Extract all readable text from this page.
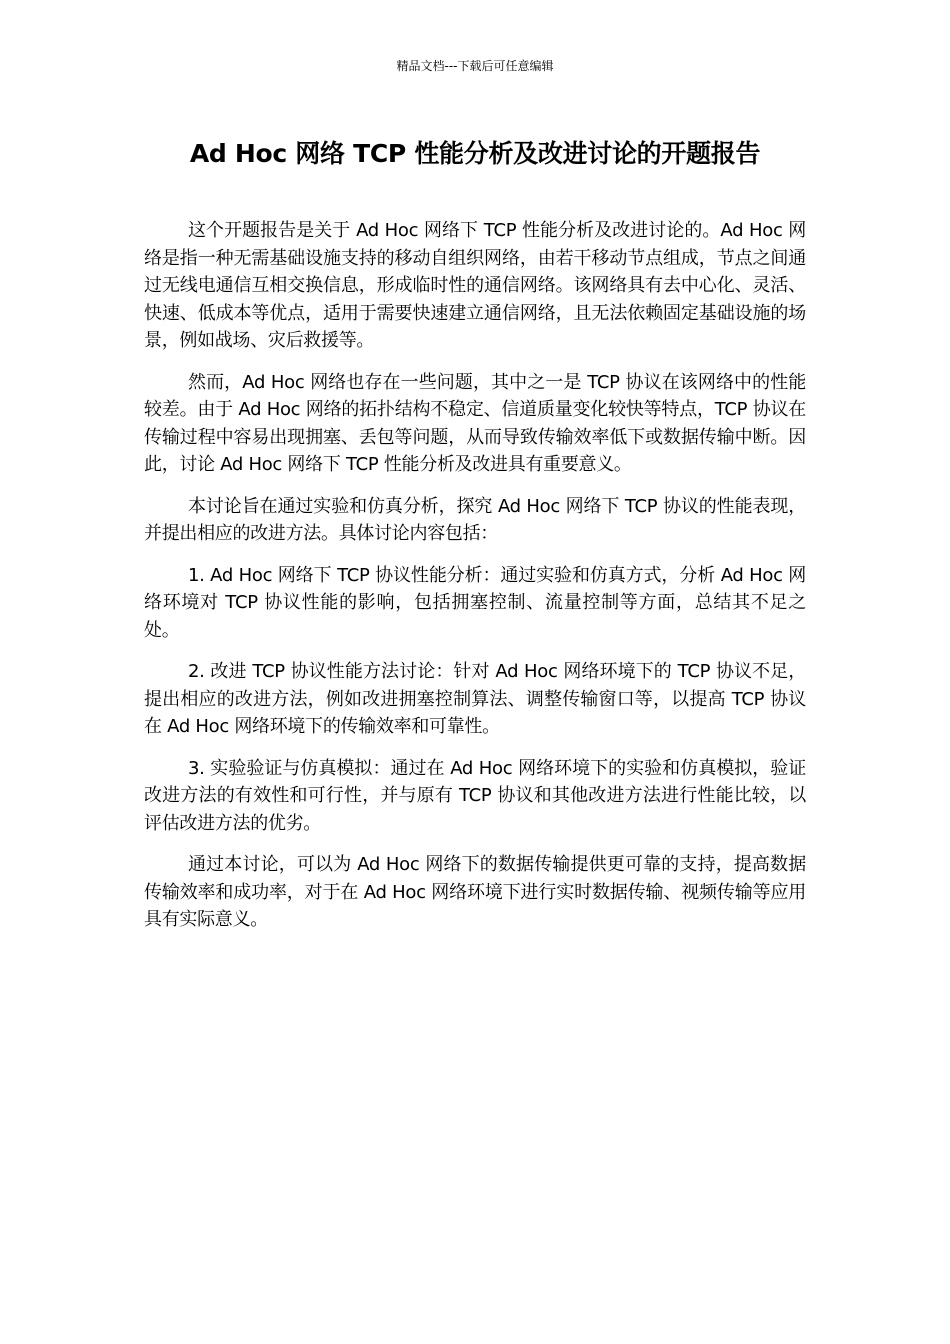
精品文档---下载后可任意编辑
Ad Hoc 网络 TCP 性能分析及改进讨论的开题报告

这个开题报告是关于 Ad Hoc 网络下 TCP 性能分析及改进讨论的。Ad Hoc 网络是指一种无需基础设施支持的移动自组织网络，由若干移动节点组成，节点之间通过无线电通信互相交换信息，形成临时性的通信网络。该网络具有去中心化、灵活、快速、低成本等优点，适用于需要快速建立通信网络，且无法依赖固定基础设施的场景，例如战场、灾后救援等。

然而，Ad Hoc 网络也存在一些问题，其中之一是 TCP 协议在该网络中的性能较差。由于 Ad Hoc 网络的拓扑结构不稳定、信道质量变化较快等特点，TCP 协议在传输过程中容易出现拥塞、丢包等问题，从而导致传输效率低下或数据传输中断。因此，讨论 Ad Hoc 网络下 TCP 性能分析及改进具有重要意义。

本讨论旨在通过实验和仿真分析，探究 Ad Hoc 网络下 TCP 协议的性能表现，并提出相应的改进方法。具体讨论内容包括：

1. Ad Hoc 网络下 TCP 协议性能分析：通过实验和仿真方式，分析 Ad Hoc 网络环境对 TCP 协议性能的影响，包括拥塞控制、流量控制等方面，总结其不足之处。

2. 改进 TCP 协议性能方法讨论：针对 Ad Hoc 网络环境下的 TCP 协议不足，提出相应的改进方法，例如改进拥塞控制算法、调整传输窗口等，以提高 TCP 协议在 Ad Hoc 网络环境下的传输效率和可靠性。

3. 实验验证与仿真模拟：通过在 Ad Hoc 网络环境下的实验和仿真模拟，验证改进方法的有效性和可行性，并与原有 TCP 协议和其他改进方法进行性能比较，以评估改进方法的优劣。

通过本讨论，可以为 Ad Hoc 网络下的数据传输提供更可靠的支持，提高数据传输效率和成功率，对于在 Ad Hoc 网络环境下进行实时数据传输、视频传输等应用具有实际意义。
